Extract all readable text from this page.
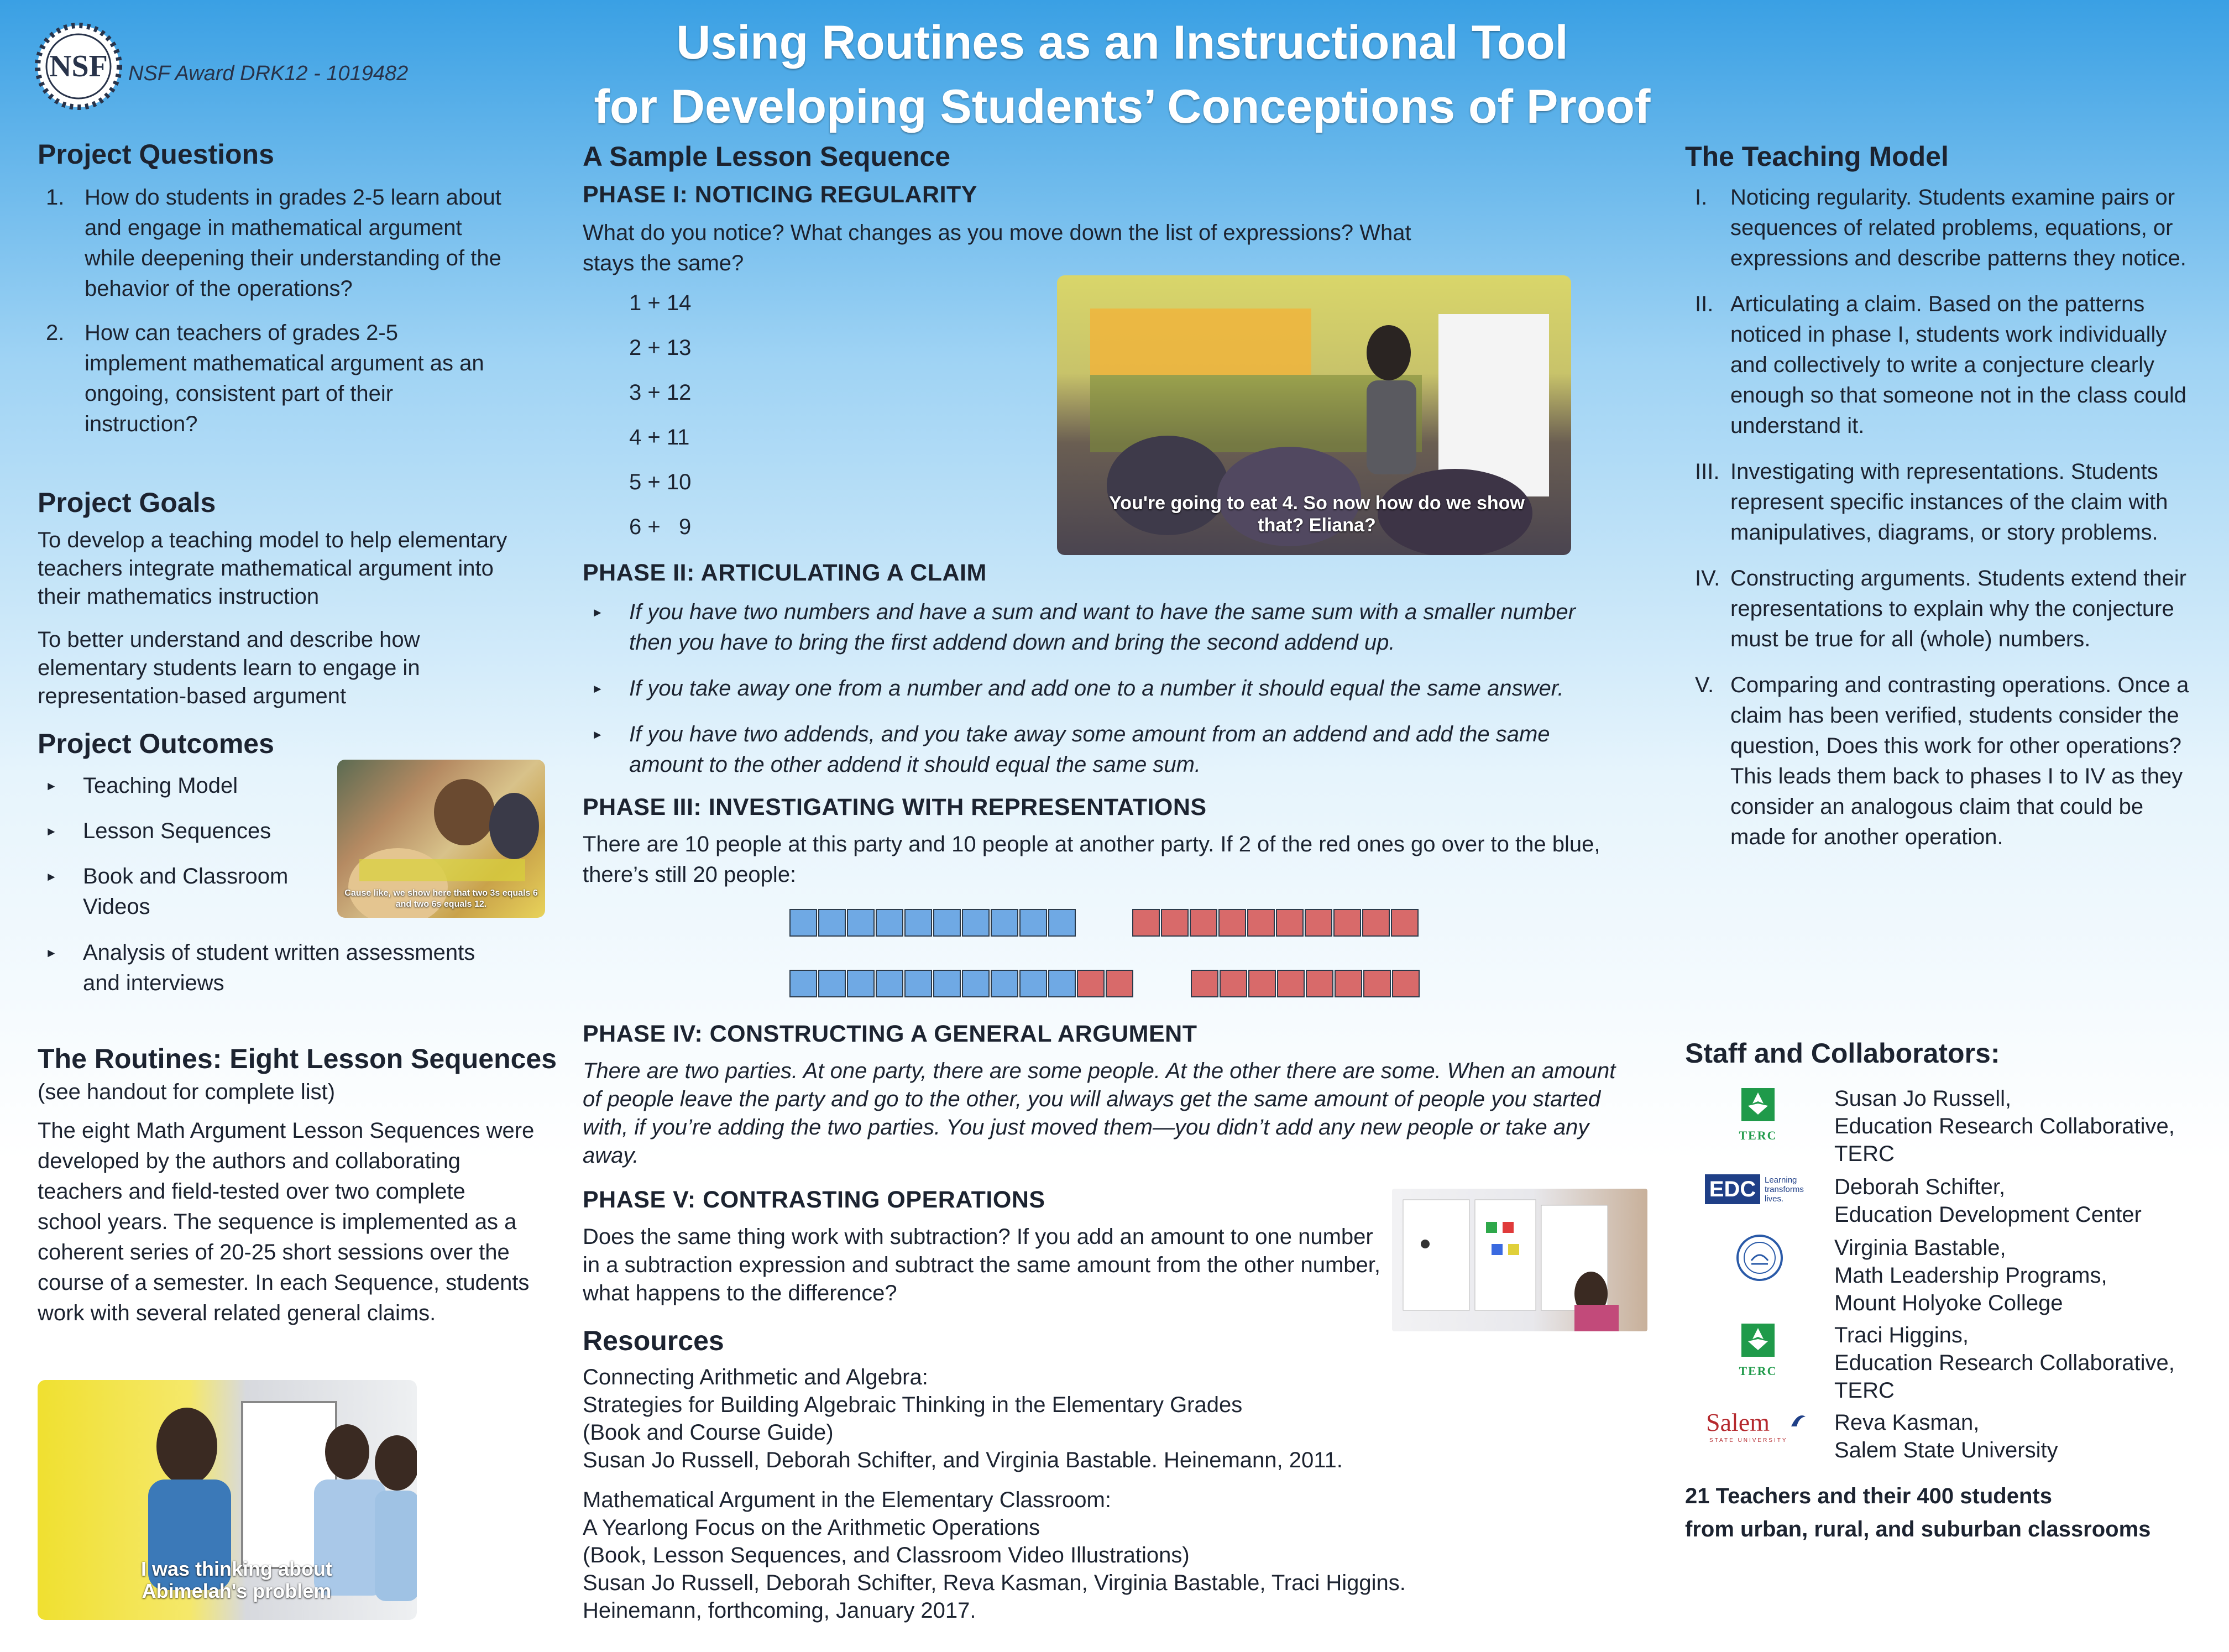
NSF NSF Award DRK12 - 1019482
Using Routines as an Instructional Tool
for Developing Students’ Conceptions of Proof
Project Questions
1. How do students in grades 2-5 learn about and engage in mathematical argument while deepening their understanding of the behavior of the operations?
2. How can teachers of grades 2-5 implement mathematical argument as an ongoing, consistent part of their instruction?
Project Goals
To develop a teaching model to help elementary teachers integrate mathematical argument into their mathematics instruction
To better understand and describe how elementary students learn to engage in representation-based argument
Project Outcomes
► Teaching Model
► Lesson Sequences
► Book and Classroom Videos
► Analysis of student written assessments and interviews
Cause like, we show here that two 3s equals 6 and two 6s equals 12.
The Routines: Eight Lesson Sequences
(see handout for complete list)
The eight Math Argument Lesson Sequences were developed by the authors and collaborating teachers and field-tested over two complete school years. The sequence is implemented as a coherent series of 20-25 short sessions over the course of a semester. In each Sequence, students work with several related general claims.
I was thinking about Abimelah's problem
A Sample Lesson Sequence
PHASE I: NOTICING REGULARITY
What do you notice? What changes as you move down the list of expressions? What stays the same?
1 + 14
2 + 13
3 + 12
4 + 11
5 + 10
6 +   9
You're going to eat 4. So now how do we show that? Eliana?
PHASE II: ARTICULATING A CLAIM
► If you have two numbers and have a sum and want to have the same sum with a smaller number then you have to bring the first addend down and bring the second addend up.
► If you take away one from a number and add one to a number it should equal the same answer.
► If you have two addends, and you take away some amount from an addend and add the same amount to the other addend it should equal the same sum.
PHASE III: INVESTIGATING WITH REPRESENTATIONS
There are 10 people at this party and 10 people at another party. If 2 of the red ones go over to the blue, there’s still 20 people:
PHASE IV: CONSTRUCTING A GENERAL ARGUMENT
There are two parties. At one party, there are some people. At the other there are some. When an amount of people leave the party and go to the other, you will always get the same amount of people you started with, if you’re adding the two parties. You just moved them—you didn’t add any new people or take any away.
PHASE V: CONTRASTING OPERATIONS
Does the same thing work with subtraction? If you add an amount to one number in a subtraction expression and subtract the same amount from the other number, what happens to the difference?
Resources
Connecting Arithmetic and Algebra:
Strategies for Building Algebraic Thinking in the Elementary Grades
(Book and Course Guide)
Susan Jo Russell, Deborah Schifter, and Virginia Bastable. Heinemann, 2011.
Mathematical Argument in the Elementary Classroom:
A Yearlong Focus on the Arithmetic Operations
(Book, Lesson Sequences, and Classroom Video Illustrations)
Susan Jo Russell, Deborah Schifter, Reva Kasman, Virginia Bastable, Traci Higgins.
Heinemann, forthcoming, January 2017.
The Teaching Model
I. Noticing regularity. Students examine pairs or sequences of related problems, equations, or expressions and describe patterns they notice.
II. Articulating a claim. Based on the patterns noticed in phase I, students work individually and collectively to write a conjecture clearly enough so that someone not in the class could understand it.
III. Investigating with representations. Students represent specific instances of the claim with manipulatives, diagrams, or story problems.
IV. Constructing arguments. Students extend their representations to explain why the conjecture must be true for all (whole) numbers.
V. Comparing and contrasting operations. Once a claim has been verified, students consider the question, Does this work for other operations? This leads them back to phases I to IV as they consider an analogous claim that could be made for another operation.
Staff and Collaborators:
TERC
Susan Jo Russell,
Education Research Collaborative,
TERC
EDC	Learning transforms lives.	Deborah Schifter,
Education Development Center
Virginia Bastable,
Math Leadership Programs,
Mount Holyoke College
TERC
Traci Higgins,
Education Research Collaborative,
TERC
Salem
STATE UNIVERSITY
Reva Kasman,
Salem State University
21 Teachers and their 400 students
from urban, rural, and suburban classrooms
